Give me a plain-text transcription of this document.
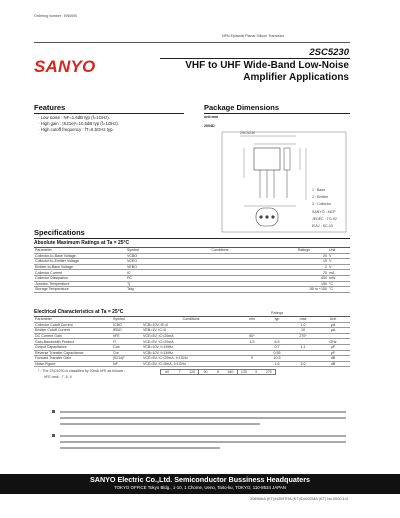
Ordering number : EN0000
NPN Epitaxial Planar Silicon Transistor
SANYO
2SC5230
VHF to UHF Wide-Band Low-Noise
Amplifier Applications
Features
· Low noise : NF=1.6dB typ (f=1GHz).
· High gain : |S21e|²=10.5dB typ (f=1GHz).
· High cutoff frequency : fT=6.5GHz typ.
Package Dimensions
unit:mm
2004D
2SC5230
1 : Base
2 : Emitter
3 : Collector
SANYO : MCP
JEDEC : TO-92
EIAJ : SC-43
Specifications
Absolute Maximum Ratings at Ta = 25°C
Parameter	Symbol	Conditions	Ratings	Unit
Collector-to-Base Voltage	VCBO		20	V
Collector-to-Emitter Voltage	VCEO		10	V
Emitter-to-Base Voltage	VEBO		2	V
Collector Current	IC		70	mA
Collector Dissipation	PC		400	mW
Junction Temperature	Tj		150	°C
Storage Temperature	Tstg		-55 to +150	°C
Electrical Characteristics at Ta = 25°C
Parameter	Symbol	Conditions	min	typ	max	Unit
Collector Cutoff Current	ICBO	VCB=10V, IE=0			1.0	μA
Emitter Cutoff Current	IEBO	VEB=1V, IC=0			10	μA
DC Current Gain	hFE	VCE=5V, IC=20mA	60*		270*	
Gain-Bandwidth Product	fT	VCE=5V, IC=20mA	4.5	6.5		GHz
Output Capacitance	Cob	VCB=10V, f=1MHz		0.7	1.1	pF
Reverse Transfer Capacitance	Cre	VCB=10V, f=1MHz		0.55		pF
Forward Transfer Gain	|S21e|²	VCE=5V, IC=20mA, f=1GHz	9	10.5		dB
Noise Figure	NF	VCE=5V, IC=5mA, f=1GHz		1.6	3.0	dB
Ratings
* : The 2SC5230 is classified by 20mA hFE as follows :
hFE rank : 7, 8, 9
60	7	120	90	8	180	135	9	270
SANYO Electric Co.,Ltd. Semiconductor Bussiness Headquaters
TOKYO OFFICE Tokyo Bldg., 1-10, 1 Chome, Ueno, Taito-ku, TOKYO, 110-8534 JAPAN
30898HA (KT)/N3097HA (KT)/D4032MA (KT) No.0000-1/4
